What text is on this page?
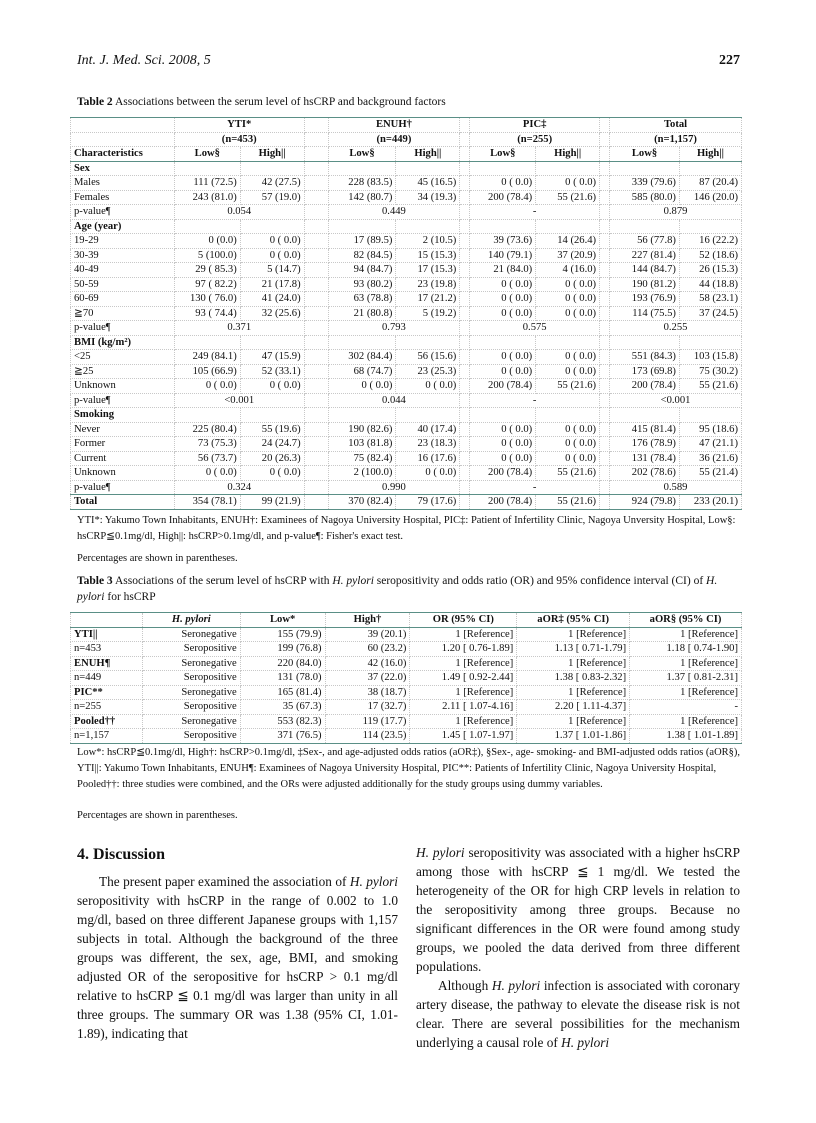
Int. J. Med. Sci. 2008, 5	227
Table 2 Associations between the serum level of hsCRP and background factors
	YTI*			ENUH†			PIC‡			Total	
	(n=453)			(n=449)			(n=255)			(n=1,157)	
Characteristics	Low§	High||		Low§	High||		Low§	High||		Low§	High||
Sex											
Males	111 (72.5)	42 (27.5)		228 (83.5)	45 (16.5)		0 ( 0.0)	0 ( 0.0)		339 (79.6)	87 (20.4)
Females	243 (81.0)	57 (19.0)		142 (80.7)	34 (19.3)		200 (78.4)	55 (21.6)		585 (80.0)	146 (20.0)
p-value¶	0.054			0.449			-			0.879	
Age (year)											
19-29	0 (0.0)	0 ( 0.0)		17 (89.5)	2 (10.5)		39 (73.6)	14 (26.4)		56 (77.8)	16 (22.2)
30-39	5 (100.0)	0 ( 0.0)		82 (84.5)	15 (15.3)		140 (79.1)	37 (20.9)		227 (81.4)	52 (18.6)
40-49	29 ( 85.3)	5 (14.7)		94 (84.7)	17 (15.3)		21 (84.0)	4 (16.0)		144 (84.7)	26 (15.3)
50-59	97 ( 82.2)	21 (17.8)		93 (80.2)	23 (19.8)		0 ( 0.0)	0 ( 0.0)		190 (81.2)	44 (18.8)
60-69	130 ( 76.0)	41 (24.0)		63 (78.8)	17 (21.2)		0 ( 0.0)	0 ( 0.0)		193 (76.9)	58 (23.1)
≧70	93 ( 74.4)	32 (25.6)		21 (80.8)	5 (19.2)		0 ( 0.0)	0 ( 0.0)		114 (75.5)	37 (24.5)
p-value¶	0.371			0.793			0.575			0.255	
BMI (kg/m²)											
<25	249 (84.1)	47 (15.9)		302 (84.4)	56 (15.6)		0 ( 0.0)	0 ( 0.0)		551 (84.3)	103 (15.8)
≧25	105 (66.9)	52 (33.1)		68 (74.7)	23 (25.3)		0 ( 0.0)	0 ( 0.0)		173 (69.8)	75 (30.2)
Unknown	0 ( 0.0)	0 ( 0.0)		0 ( 0.0)	0 ( 0.0)		200 (78.4)	55 (21.6)		200 (78.4)	55 (21.6)
p-value¶	<0.001			0.044			-			<0.001	
Smoking											
Never	225 (80.4)	55 (19.6)		190 (82.6)	40 (17.4)		0 ( 0.0)	0 ( 0.0)		415 (81.4)	95 (18.6)
Former	73 (75.3)	24 (24.7)		103 (81.8)	23 (18.3)		0 ( 0.0)	0 ( 0.0)		176 (78.9)	47 (21.1)
Current	56 (73.7)	20 (26.3)		75 (82.4)	16 (17.6)		0 ( 0.0)	0 ( 0.0)		131 (78.4)	36 (21.6)
Unknown	0 ( 0.0)	0 ( 0.0)		2 (100.0)	0 ( 0.0)		200 (78.4)	55 (21.6)		202 (78.6)	55 (21.4)
p-value¶	0.324			0.990			-			0.589	
Total	354 (78.1)	99 (21.9)		370 (82.4)	79 (17.6)		200 (78.4)	55 (21.6)		924 (79.8)	233 (20.1)
YTI*: Yakumo Town Inhabitants, ENUH†: Examinees of Nagoya University Hospital, PIC‡: Patient of Infertility Clinic, Nagoya Unversity Hospital, Low§: hsCRP≦0.1mg/dl, High||: hsCRP>0.1mg/dl, and p-value¶: Fisher's exact test.
Percentages are shown in parentheses.
Table 3 Associations of the serum level of hsCRP with H. pylori seropositivity and odds ratio (OR) and 95% confidence interval (CI) of H. pylori for hsCRP
	H. pylori	Low*	High†	OR (95% CI)	aOR‡ (95% CI)	aOR§ (95% CI)
YTI||	Seronegative	155 (79.9)	39 (20.1)	1 [Reference]	1 [Reference]	1 [Reference]
n=453	Seropositive	199 (76.8)	60 (23.2)	1.20 [ 0.76-1.89]	1.13 [ 0.71-1.79]	1.18 [ 0.74-1.90]
ENUH¶	Seronegative	220 (84.0)	42 (16.0)	1 [Reference]	1 [Reference]	1 [Reference]
n=449	Seropositive	131 (78.0)	37 (22.0)	1.49 [ 0.92-2.44]	1.38 [ 0.83-2.32]	1.37 [ 0.81-2.31]
PIC**	Seronegative	165 (81.4)	38 (18.7)	1 [Reference]	1 [Reference]	1 [Reference]
n=255	Seropositive	35 (67.3)	17 (32.7)	2.11 [ 1.07-4.16]	2.20 [ 1.11-4.37]	-
Pooled††	Seronegative	553 (82.3)	119 (17.7)	1 [Reference]	1 [Reference]	1 [Reference]
n=1,157	Seropositive	371 (76.5)	114 (23.5)	1.45 [ 1.07-1.97]	1.37 [ 1.01-1.86]	1.38 [ 1.01-1.89]
Low*: hsCRP≦0.1mg/dl, High†: hsCRP>0.1mg/dl, ‡Sex-, and age-adjusted odds ratios (aOR‡), §Sex-, age- smoking- and BMI-adjusted odds ratios (aOR§), YTI||: Yakumo Town Inhabitants, ENUH¶: Examinees of Nagoya University Hospital, PIC**: Patients of Infertility Clinic, Nagoya University Hospital, Pooled††: three studies were combined, and the ORs were adjusted additionally for the study groups using dummy variables.
Percentages are shown in parentheses.
4. Discussion

The present paper examined the association of H. pylori seropositivity with hsCRP in the range of 0.002 to 1.0 mg/dl, based on three different Japanese groups with 1,157 subjects in total. Although the background of the three groups was different, the sex, age, BMI, and smoking adjusted OR of the seropositive for hsCRP > 0.1 mg/dl relative to hsCRP ≦ 0.1 mg/dl was larger than unity in all three groups. The summary OR was 1.38 (95% CI, 1.01-1.89), indicating that

H. pylori seropositivity was associated with a higher hsCRP among those with hsCRP ≦ 1 mg/dl. We tested the heterogeneity of the OR for high CRP levels in relation to the seropositivity among three groups. Because no significant differences in the OR were found among study groups, we pooled the data derived from three different populations.

Although H. pylori infection is associated with coronary artery disease, the pathway to elevate the disease risk is not clear. There are several possibilities for the mechanism underlying a causal role of H. pylori
